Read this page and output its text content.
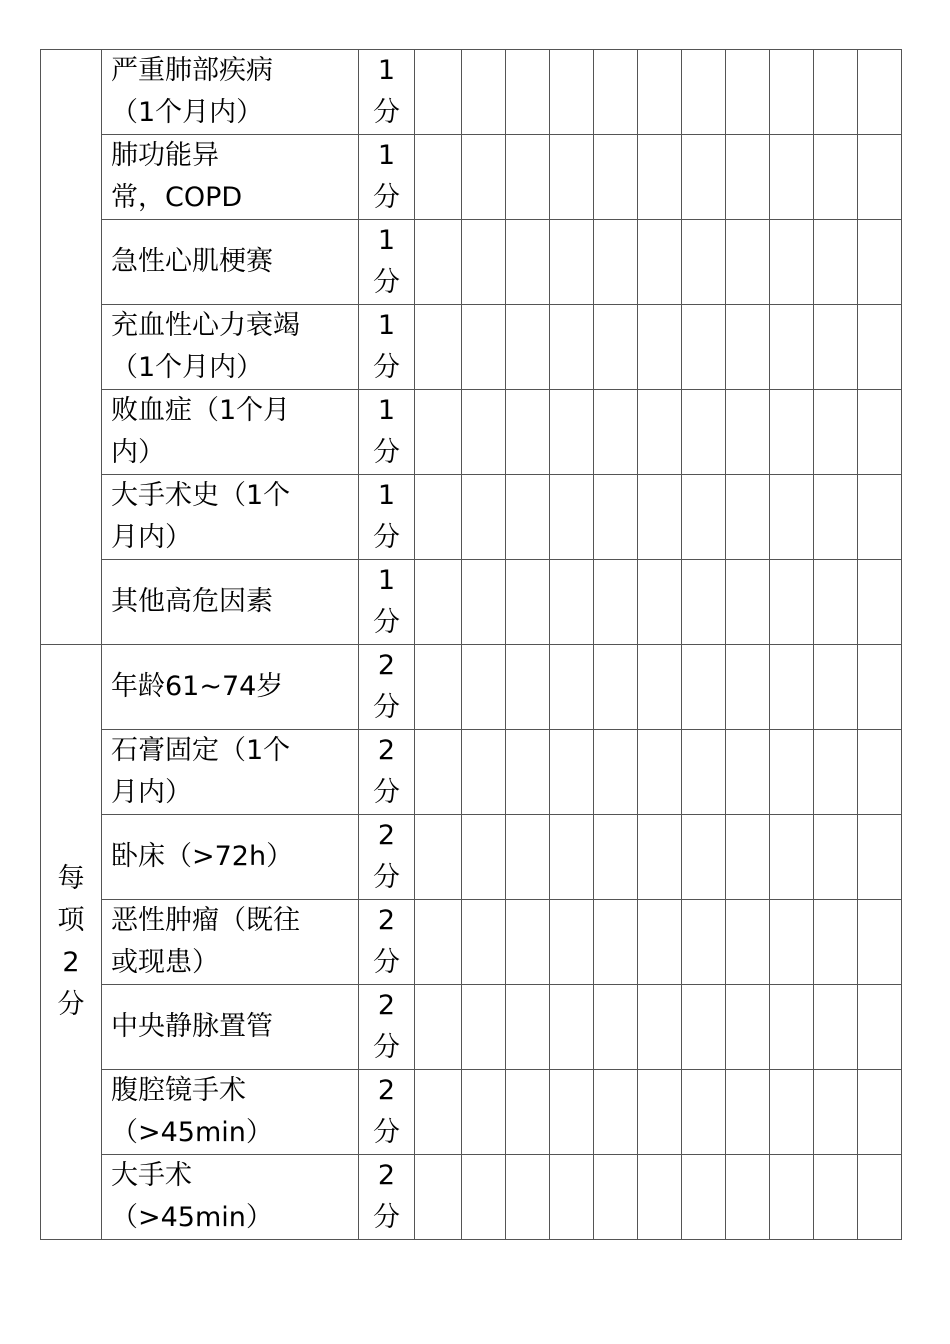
	严重肺部疾病
（1个月内）	1
分											

	肺功能异
常，COPD	1
分											

	急性心肌梗赛	1
分											

	充血性心力衰竭
（1个月内）	1
分											

	败血症（1个月
内）	1
分											

	大手术史（1个
月内）	1
分											

	其他高危因素	1
分											

每项2分	年龄61~74岁	2
分											

	石膏固定（1个
月内）	2
分											

	卧床（>72h）	2
分											

	恶性肿瘤（既往
或现患）	2
分											

	中央静脉置管	2
分											

	腹腔镜手术
（>45min）	2
分											

	大手术
（>45min）	2
分											
